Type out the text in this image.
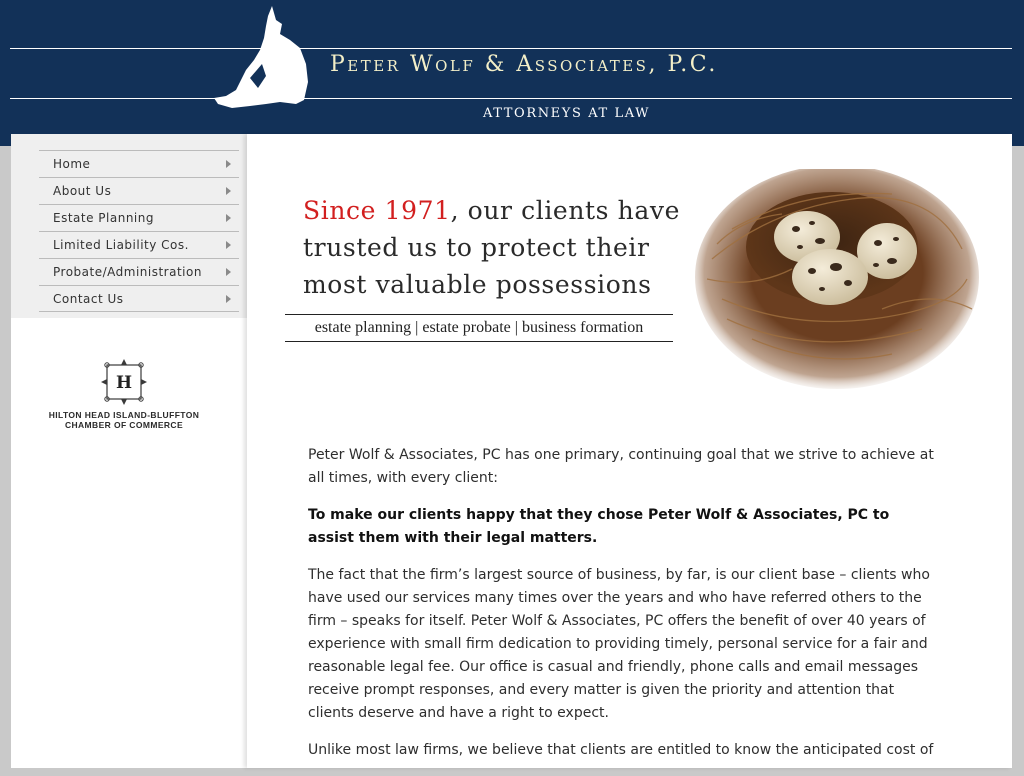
Peter Wolf & Associates, P.C.
ATTORNEYS AT LAW
Home
About Us
Estate Planning
Limited Liability Cos.
Probate/Administration
Contact Us
H
HILTON HEAD ISLAND-BLUFFTON
CHAMBER OF COMMERCE
Since 1971, our clients have trusted us to protect their most valuable possessions
estate planning | estate probate | business formation

Peter Wolf & Associates, PC has one primary, continuing goal that we strive to achieve at all times, with every client:

To make our clients happy that they chose Peter Wolf & Associates, PC to assist them with their legal matters.

The fact that the firm’s largest source of business, by far, is our client base – clients who have used our services many times over the years and who have referred others to the firm – speaks for itself. Peter Wolf & Associates, PC offers the benefit of over 40 years of experience with small firm dedication to providing timely, personal service for a fair and reasonable legal fee. Our office is casual and friendly, phone calls and email messages receive prompt responses, and every matter is given the priority and attention that clients deserve and have a right to expect.

Unlike most law firms, we believe that clients are entitled to know the anticipated cost of
